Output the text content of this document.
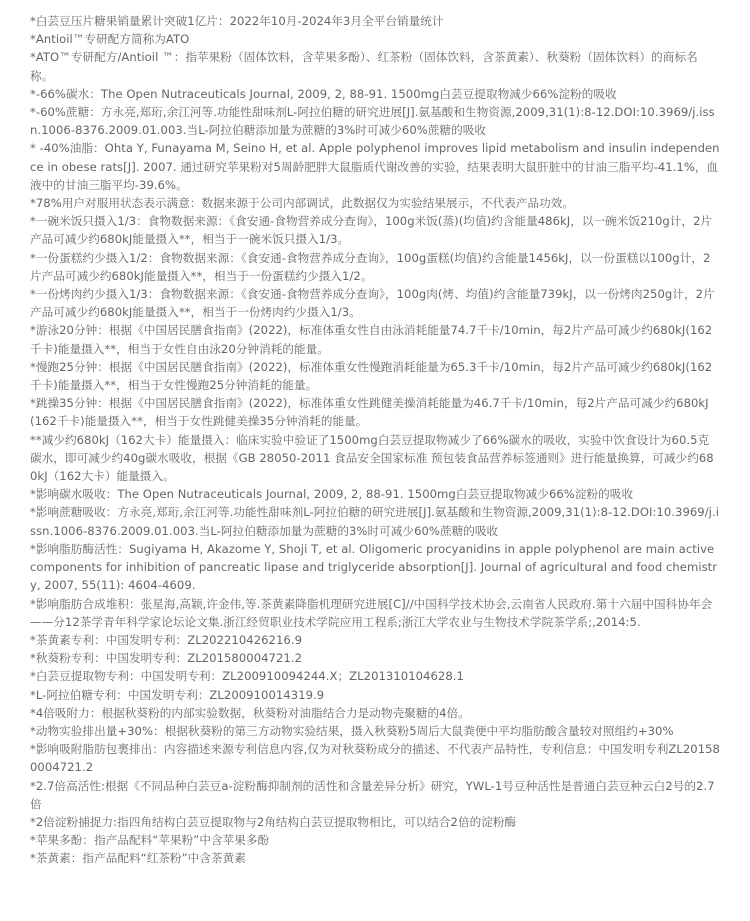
*白芸豆压片糖果销量累计突破1亿片：2022年10月-2024年3月全平台销量统计

*Antioil™专研配方简称为ATO

*ATO™专研配方/Antioil ™：指苹果粉（固体饮料，含苹果多酚）、红茶粉（固体饮料，含茶黄素）、秋葵粉（固体饮料）的商标名称。

*-66%碳水：The Open Nutraceuticals Journal, 2009, 2, 88-91. 1500mg白芸豆提取物减少66%淀粉的吸收

*-60%蔗糖：方永亮,郑珩,余江河等.功能性甜味剂L-阿拉伯糖的研究进展[J].氨基酸和生物资源,2009,31(1):8-12.DOI:10.3969/j.issn.1006-8376.2009.01.003.当L-阿拉伯糖添加量为蔗糖的3%时可减少60%蔗糖的吸收

* -40%油脂：Ohta Y, Funayama M, Seino H, et al. Apple polyphenol improves lipid metabolism and insulin independence in obese rats[J]. 2007. 通过研究苹果粉对5周龄肥胖大鼠脂质代谢改善的实验，结果表明大鼠肝脏中的甘油三脂平均-41.1%，血液中的甘油三脂平均-39.6%。

*78%用户对服用状态表示满意：数据来源于公司内部调试，此数据仅为实验结果展示，不代表产品功效。

*一碗米饭只摄入1/3：食物数据来源：《食安通-食物营养成分查询》，100g米饭(蒸)(均值)约含能量486kJ，以一碗米饭210g计，2片产品可减少约680kJ能量摄入**，相当于一碗米饭只摄入1/3。

*一份蛋糕约少摄入1/2：食物数据来源：《食安通-食物营养成分查询》，100g蛋糕(均值)约含能量1456kJ，以一份蛋糕以100g计，2片产品可减少约680kJ能量摄入**，相当于一份蛋糕约少摄入1/2。

*一份烤肉约少摄入1/3：食物数据来源：《食安通-食物营养成分查询》，100g肉(烤、均值)约含能量739kJ，以一份烤肉250g计，2片产品可减少约680kJ能量摄入**，相当于一份烤肉约少摄入1/3。

*游泳20分钟：根据《中国居民膳食指南》(2022)，标准体重女性自由泳消耗能量74.7千卡/10min，每2片产品可减少约680kJ(162千卡)能量摄入**，相当于女性自由泳20分钟消耗的能量。

*慢跑25分钟：根据《中国居民膳食指南》(2022)，标准体重女性慢跑消耗能量为65.3千卡/10min，每2片产品可减少约680kJ(162千卡)能量摄入**，相当于女性慢跑25分钟消耗的能量。

*跳操35分钟：根据《中国居民膳食指南》(2022)，标准体重女性跳健美操消耗能量为46.7千卡/10min，每2片产品可减少约680kJ(162千卡)能量摄入**，相当于女性跳健美操35分钟消耗的能量。

**减少约680kJ（162大卡）能量摄入：临床实验中验证了1500mg白芸豆提取物减少了66%碳水的吸收，实验中饮食设计为60.5克碳水，即可减少约40g碳水吸收，根据《GB 28050-2011 食品安全国家标准 预包装食品营养标签通则》进行能量换算，可减少约680kJ（162大卡）能量摄入。

*影响碳水吸收：The Open Nutraceuticals Journal, 2009, 2, 88-91. 1500mg白芸豆提取物减少66%淀粉的吸收

*影响蔗糖吸收：方永亮,郑珩,余江河等.功能性甜味剂L-阿拉伯糖的研究进展[J].氨基酸和生物资源,2009,31(1):8-12.DOI:10.3969/j.issn.1006-8376.2009.01.003.当L-阿拉伯糖添加量为蔗糖的3%时可减少60%蔗糖的吸收

*影响脂肪酶活性：Sugiyama H, Akazome Y, Shoji T, et al. Oligomeric procyanidins in apple polyphenol are main active components for inhibition of pancreatic lipase and triglyceride absorption[J]. Journal of agricultural and food chemistry, 2007, 55(11): 4604-4609.

*影响脂肪合成堆积：张星海,高颖,许金伟,等.茶黄素降脂机理研究进展[C]//中国科学技术协会,云南省人民政府.第十六届中国科协年会——分12茶学青年科学家论坛论文集.浙江经贸职业技术学院应用工程系;浙江大学农业与生物技术学院茶学系;,2014:5.

*茶黄素专利：中国发明专利：ZL202210426216.9

*秋葵粉专利：中国发明专利：ZL201580004721.2

*白芸豆提取物专利：中国发明专利：ZL200910094244.X；ZL201310104628.1

*L-阿拉伯糖专利：中国发明专利：ZL200910014319.9

*4倍吸附力：根据秋葵粉的内部实验数据，秋葵粉对油脂结合力是动物壳聚糖的4倍。

*动物实验排出量+30%：根据秋葵粉的第三方动物实验结果，摄入秋葵粉5周后大鼠粪便中平均脂肪酸含量较对照组约+30%

*影响吸附脂肪包裹排出：内容描述来源专利信息内容,仅为对秋葵粉成分的描述、不代表产品特性，专利信息：中国发明专利ZL201580004721.2

*2.7倍高活性:根据《不同品种白芸豆a-淀粉酶抑制剂的活性和含量差异分析》研究，YWL-1号豆种活性是普通白芸豆种云白2号的2.7倍

*2倍淀粉捕捉力:指四角结构白芸豆提取物与2角结构白芸豆提取物相比，可以结合2倍的淀粉酶

*苹果多酚：指产品配料“苹果粉”中含苹果多酚

*茶黄素：指产品配料“红茶粉”中含茶黄素
